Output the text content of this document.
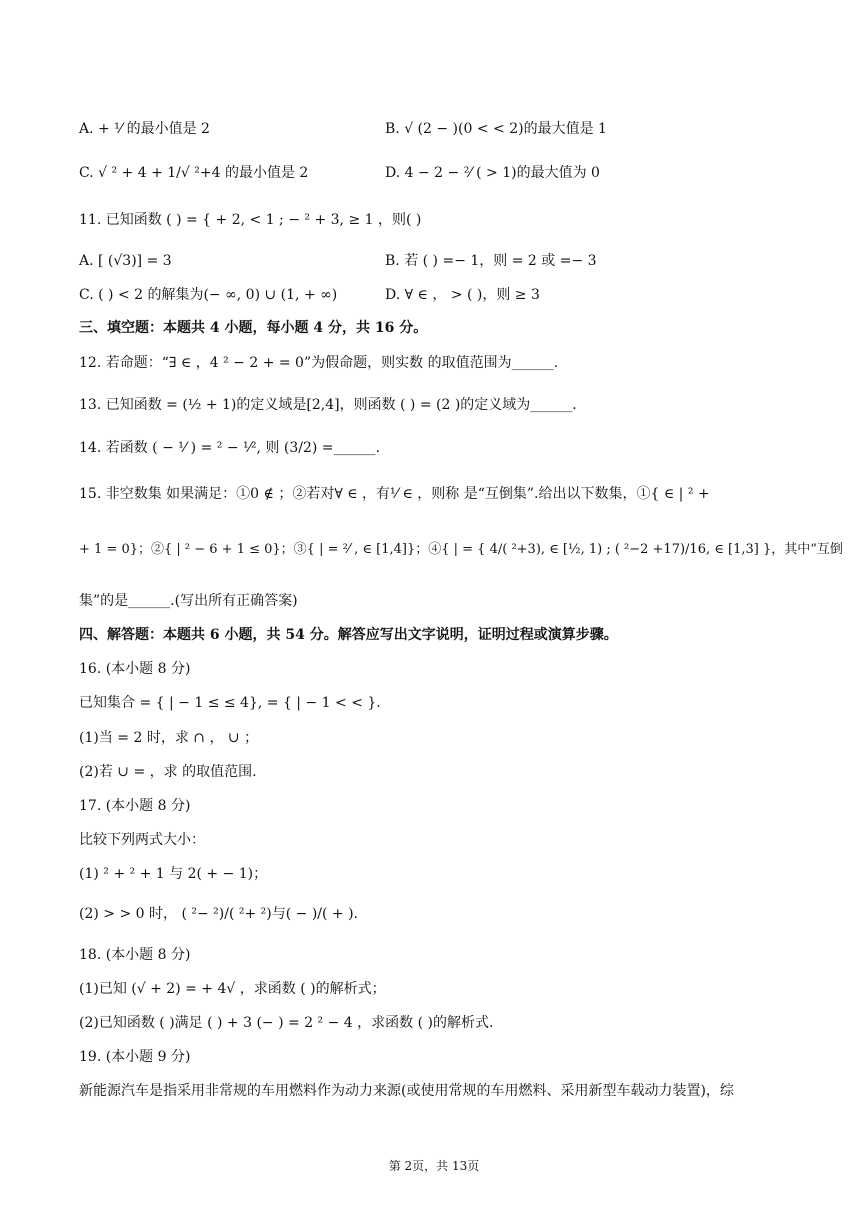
A. + ¹⁄ 的最小值是 2	B. √ (2 − )(0 < < 2)的最大值是 1
C. √ ² + 4 + 1/√ ²+4 的最小值是 2	D. 4 − 2 − ²⁄ ( > 1)的最大值为 0
11. 已知函数 ( ) = { + 2, < 1 ; − ² + 3, ≥ 1 ，则( )
A. [ (√3)] = 3	B. 若 ( ) =− 1，则 = 2 或 =− 3
C. ( ) < 2 的解集为(− ∞, 0) ∪ (1, + ∞)	D. ∀ ∈ ， > ( )，则 ≥ 3
三、填空题：本题共 4 小题，每小题 4 分，共 16 分。
12. 若命题：“∃ ∈ ，4 ² − 2 + = 0”为假命题，则实数 的取值范围为______.
13. 已知函数 = (½ + 1)的定义域是[2,4]，则函数 ( ) = (2 )的定义域为______.
14. 若函数 ( − ¹⁄ ) = ² − ¹⁄², 则 (3/2) =______.
15. 非空数集 如果满足：①0 ∉ ；②若对∀ ∈ ，有¹⁄ ∈ ，则称 是“互倒集”.给出以下数集，①{ ∈ | ² +
+ 1 = 0}；②{ | ² − 6 + 1 ≤ 0}；③{ | = ²⁄ , ∈ [1,4]}；④{ | = { 4/( ²+3), ∈ [½, 1) ; ( ²−2 +17)/16, ∈ [1,3] }，其中“互倒
集”的是______.(写出所有正确答案)
四、解答题：本题共 6 小题，共 54 分。解答应写出文字说明，证明过程或演算步骤。
16. (本小题 8 分)
已知集合 = { | − 1 ≤ ≤ 4}, = { | − 1 < < }.
(1)当 = 2 时，求 ∩ ， ∪ ；
(2)若 ∪ = ，求 的取值范围.
17. (本小题 8 分)
比较下列两式大小：
(1) ² + ² + 1 与 2( + − 1)；
(2) > > 0 时， ( ²− ²)/( ²+ ²)与( − )/( + ).
18. (本小题 8 分)
(1)已知 (√ + 2) = + 4√ ，求函数 ( )的解析式；
(2)已知函数 ( )满足 ( ) + 3 (− ) = 2 ² − 4 ，求函数 ( )的解析式.
19. (本小题 9 分)
新能源汽车是指采用非常规的车用燃料作为动力来源(或使用常规的车用燃料、采用新型车载动力装置)，综
第 2页，共 13页
